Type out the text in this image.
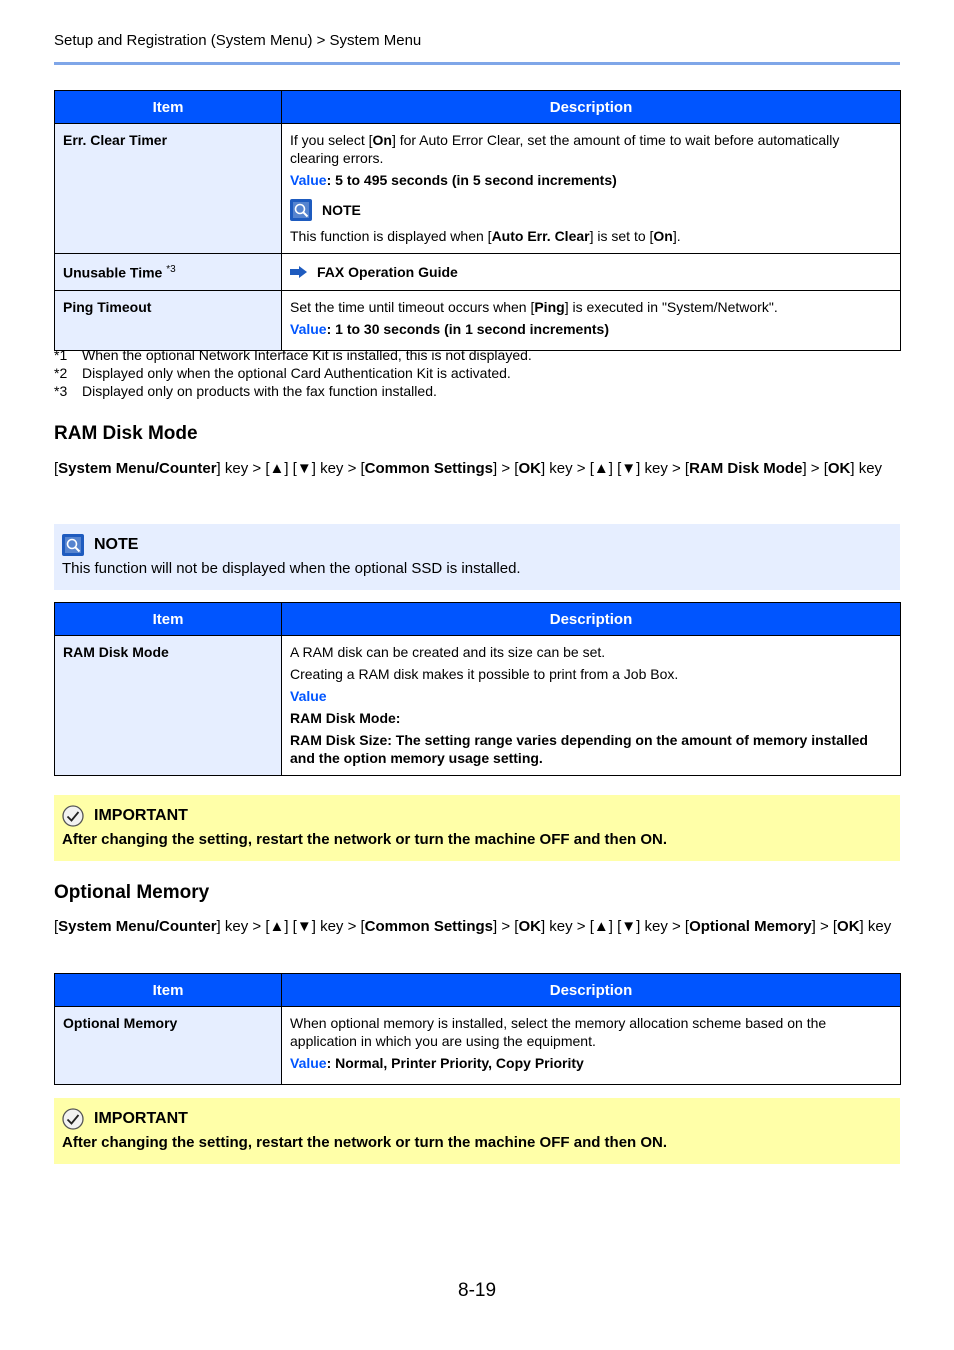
Setup and Registration (System Menu) > System Menu
Item	Description
Err. Clear Timer	If you select [On] for Auto Error Clear, set the amount of time to wait before automatically clearing errors.
Value: 5 to 495 seconds (in 5 second increments)
NOTE
This function is displayed when [Auto Err. Clear] is set to [On].

Unusable Time $^{*3}$	FAX Operation Guide

Ping Timeout	Set the time until timeout occurs when [Ping] is executed in "System/Network".
Value: 1 to 30 seconds (in 1 second increments)
*1	When the optional Network Interface Kit is installed, this is not displayed.
*2	Displayed only when the optional Card Authentication Kit is activated.
*3	Displayed only on products with the fax function installed.
RAM Disk Mode
[System Menu/Counter] key > [▲] [▼] key > [Common Settings] > [OK] key > [▲] [▼] key > [RAM Disk Mode] > [OK] key
NOTE
This function will not be displayed when the optional SSD is installed.
Item	Description
RAM Disk Mode	A RAM disk can be created and its size can be set.
Creating a RAM disk makes it possible to print from a Job Box.
Value
RAM Disk Mode:
RAM Disk Size: The setting range varies depending on the amount of memory installed and the option memory usage setting.
IMPORTANT
After changing the setting, restart the network or turn the machine OFF and then ON.
Optional Memory
[System Menu/Counter] key > [▲] [▼] key > [Common Settings] > [OK] key > [▲] [▼] key > [Optional Memory] > [OK] key
Item	Description
Optional Memory	When optional memory is installed, select the memory allocation scheme based on the application in which you are using the equipment.
Value: Normal, Printer Priority, Copy Priority
IMPORTANT
After changing the setting, restart the network or turn the machine OFF and then ON.
8-19
